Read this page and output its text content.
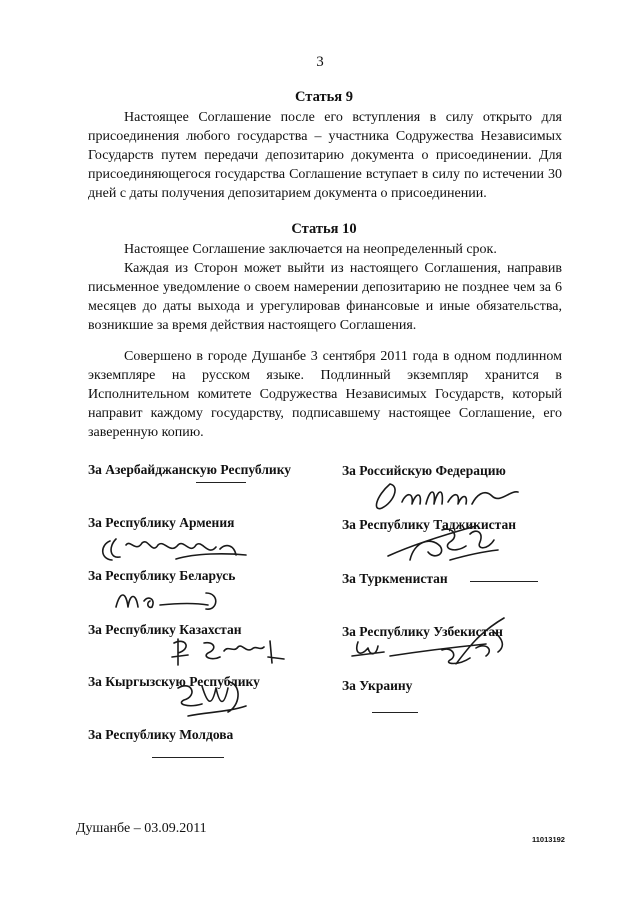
3
Статья 9

Настоящее Соглашение после его вступления в силу открыто для присоединения любого государства – участника Содружества Независимых Государств путем передачи депозитарию документа о присоединении. Для присоединяющегося государства Соглашение вступает в силу по истечении 30 дней с даты получения депозитарием документа о присоединении.

Статья 10

Настоящее Соглашение заключается на неопределенный срок.

Каждая из Сторон может выйти из настоящего Соглашения, направив письменное уведомление о своем намерении депозитарию не позднее чем за 6 месяцев до даты выхода и урегулировав финансовые и иные обязательства, возникшие за время действия настоящего Соглашения.

Совершено в городе Душанбе 3 сентября 2011 года в одном подлинном экземпляре на русском языке. Подлинный экземпляр хранится в Исполнительном комитете Содружества Независимых Государств, который направит каждому государству, подписавшему настоящее Соглашение, его заверенную копию.

За Азербайджанскую Республику
За Республику Армения
За Республику Беларусь
За Республику Казахстан
За Кыргызскую Республику
За Республику Молдова
За Российскую Федерацию
За Республику Таджикистан
За Туркменистан
За Республику Узбекистан
За Украину
Душанбе – 03.09.2011
11013192
